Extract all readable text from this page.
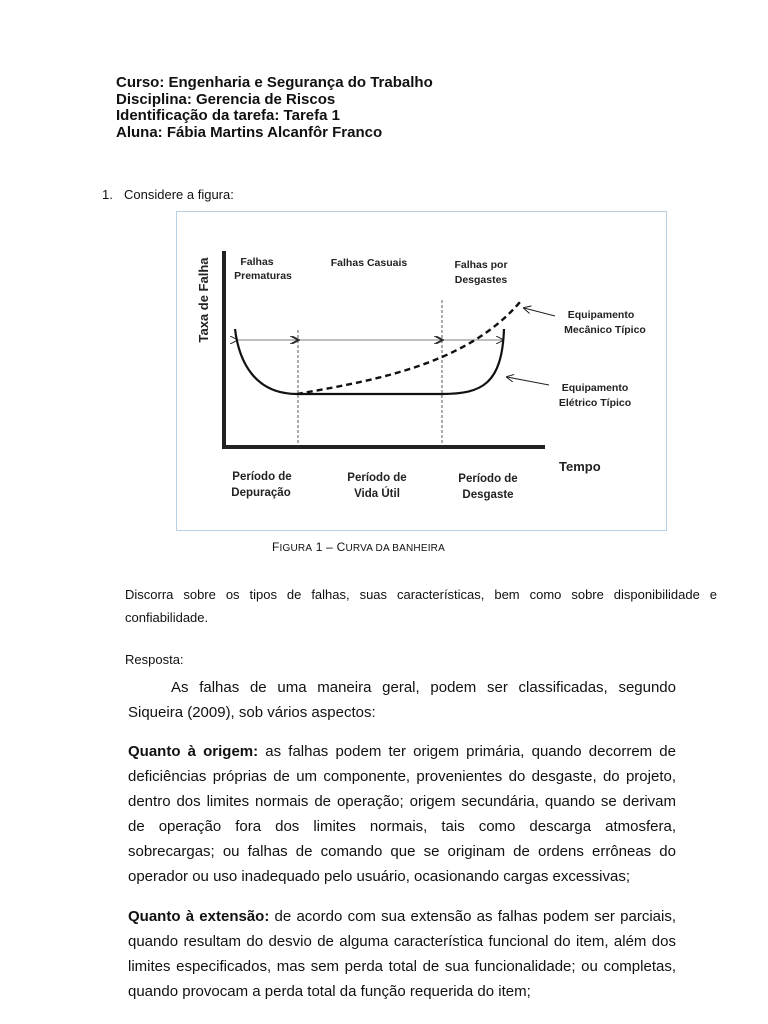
Curso: Engenharia e Segurança do Trabalho
Disciplina: Gerencia de Riscos
Identificação da tarefa: Tarefa 1
Aluna: Fábia Martins Alcanfôr Franco
1. Considere a figura:
Taxa de Falha
Tempo
Falhas
Prematuras
Falhas Casuais	Falhas por
Desgastes
Equipamento
Mecânico Típico
Equipamento
Elétrico Típico
Período de
Depuração
Período de
Vida Útil
Período de
Desgaste
FIGURA 1 – CURVA DA BANHEIRA
Discorra sobre os tipos de falhas, suas características, bem como sobre disponibilidade e confiabilidade.
Resposta:
As falhas de uma maneira geral, podem ser classificadas, segundo Siqueira (2009), sob vários aspectos:
Quanto à origem: as falhas podem ter origem primária, quando decorrem de deficiências próprias de um componente, provenientes do desgaste, do projeto, dentro dos limites normais de operação; origem secundária, quando se derivam de operação fora dos limites normais, tais como descarga atmosfera, sobrecargas; ou falhas de comando que se originam de ordens errôneas do operador ou uso inadequado pelo usuário, ocasionando cargas excessivas;
Quanto à extensão: de acordo com sua extensão as falhas podem ser parciais, quando resultam do desvio de alguma característica funcional do item, além dos limites especificados, mas sem perda total de sua funcionalidade; ou completas, quando provocam a perda total da função requerida do item;
